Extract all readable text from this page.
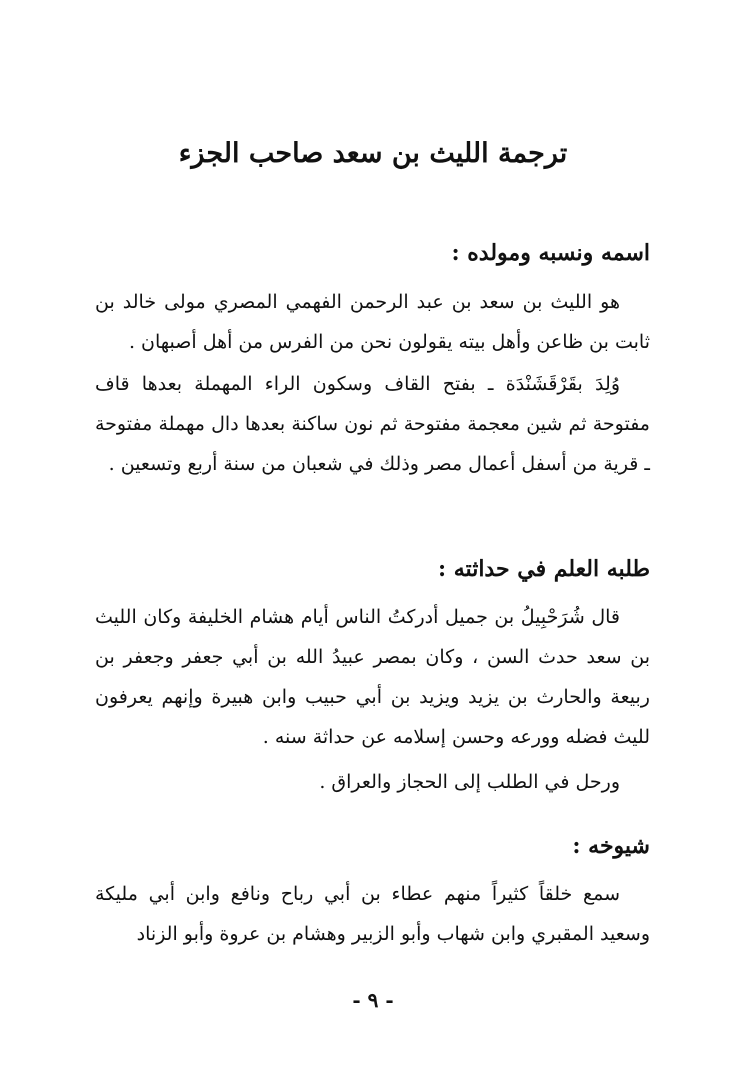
ترجمة الليث بن سعد صاحب الجزء
اسمه ونسبه ومولده :

هو الليث بن سعد بن عبد الرحمن الفهمي المصري مولى خالد بن ثابت بن ظاعن وأهل بيته يقولون نحن من الفرس من أهل أصبهان .

وُلِدَ بقَرْقَشَنْدَة ـ بفتح القاف وسكون الراء المهملة بعدها قاف مفتوحة ثم شين معجمة مفتوحة ثم نون ساكنة بعدها دال مهملة مفتوحة ـ قرية من أسفل أعمال مصر وذلك في شعبان من سنة أربع وتسعين .

طلبه العلم في حداثته :

قال شُرَحْبِيلُ بن جميل أدركتُ الناس أيام هشام الخليفة وكان الليث بن سعد حدث السن ، وكان بمصر عبيدُ الله بن أبي جعفر وجعفر بن ربيعة والحارث بن يزيد ويزيد بن أبي حبيب وابن هبيرة وإنهم يعرفون لليث فضله وورعه وحسن إسلامه عن حداثة سنه .

ورحل في الطلب إلى الحجاز والعراق .

شيوخه :

سمع خلقاً كثيراً منهم عطاء بن أبي رباح ونافع وابن أبي مليكة وسعيد المقبري وابن شهاب وأبو الزبير وهشام بن عروة وأبو الزناد

- ٩ -
